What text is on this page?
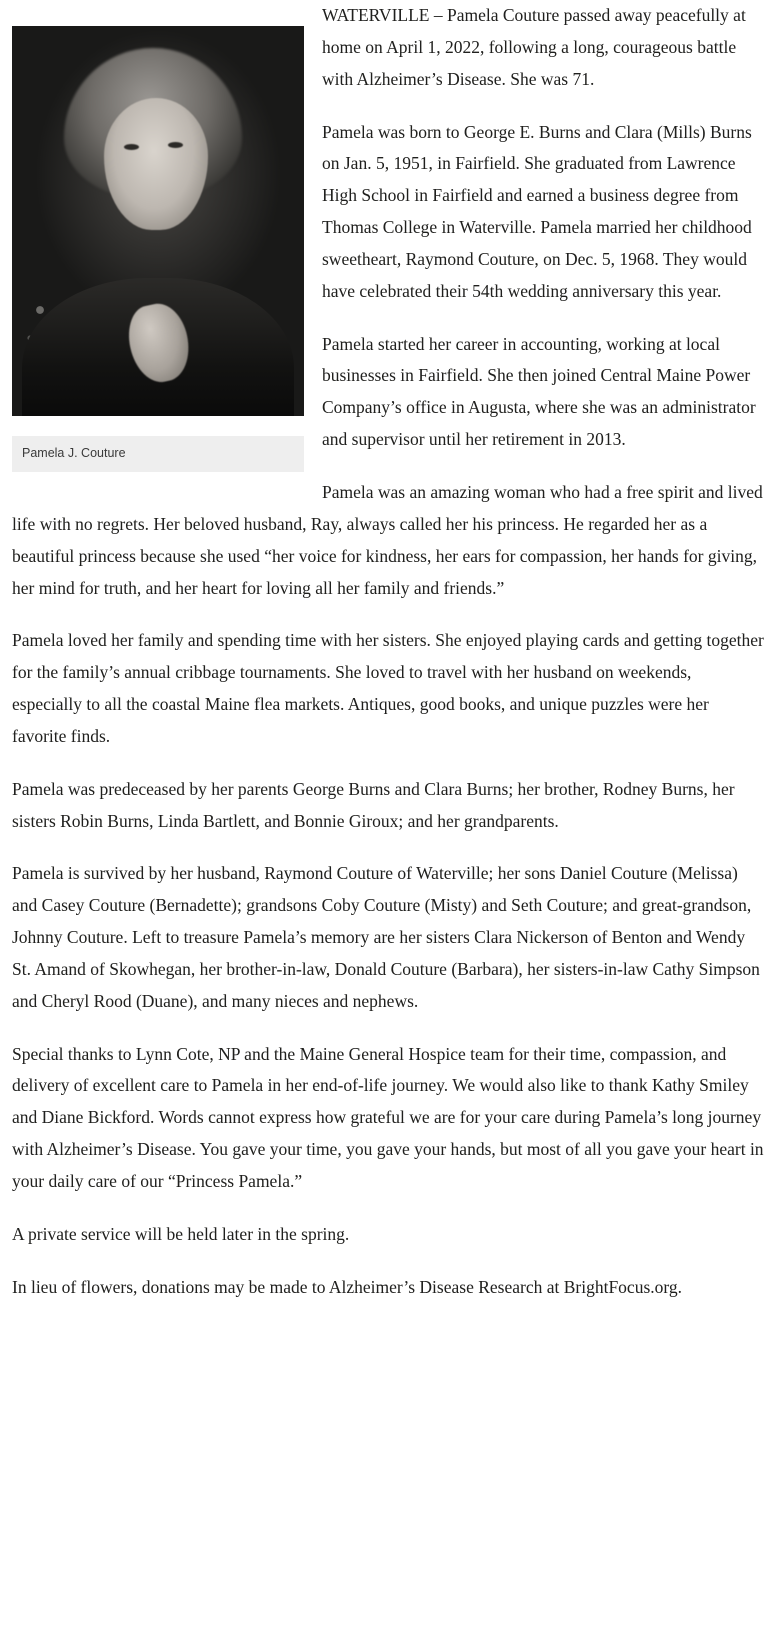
Pamela J. Couture

WATERVILLE – Pamela Couture passed away peacefully at home on April 1, 2022, following a long, courageous battle with Alzheimer’s Disease. She was 71.

Pamela was born to George E. Burns and Clara (Mills) Burns on Jan. 5, 1951, in Fairfield. She graduated from Lawrence High School in Fairfield and earned a business degree from Thomas College in Waterville. Pamela married her childhood sweetheart, Raymond Couture, on Dec. 5, 1968. They would have celebrated their 54th wedding anniversary this year.

Pamela started her career in accounting, working at local businesses in Fairfield. She then joined Central Maine Power Company’s office in Augusta, where she was an administrator and supervisor until her retirement in 2013.

Pamela was an amazing woman who had a free spirit and lived life with no regrets. Her beloved husband, Ray, always called her his princess. He regarded her as a beautiful princess because she used “her voice for kindness, her ears for compassion, her hands for giving, her mind for truth, and her heart for loving all her family and friends.”

Pamela loved her family and spending time with her sisters. She enjoyed playing cards and getting together for the family’s annual cribbage tournaments. She loved to travel with her husband on weekends, especially to all the coastal Maine flea markets. Antiques, good books, and unique puzzles were her favorite finds.

Pamela was predeceased by her parents George Burns and Clara Burns; her brother, Rodney Burns, her sisters Robin Burns, Linda Bartlett, and Bonnie Giroux; and her grandparents.

Pamela is survived by her husband, Raymond Couture of Waterville; her sons Daniel Couture (Melissa) and Casey Couture (Bernadette); grandsons Coby Couture (Misty) and Seth Couture; and great-grandson, Johnny Couture. Left to treasure Pamela’s memory are her sisters Clara Nickerson of Benton and Wendy St. Amand of Skowhegan, her brother-in-law, Donald Couture (Barbara), her sisters-in-law Cathy Simpson and Cheryl Rood (Duane), and many nieces and nephews.

Special thanks to Lynn Cote, NP and the Maine General Hospice team for their time, compassion, and delivery of excellent care to Pamela in her end-of-life journey. We would also like to thank Kathy Smiley and Diane Bickford. Words cannot express how grateful we are for your care during Pamela’s long journey with Alzheimer’s Disease. You gave your time, you gave your hands, but most of all you gave your heart in your daily care of our “Princess Pamela.”

A private service will be held later in the spring.

In lieu of flowers, donations may be made to Alzheimer’s Disease Research at BrightFocus.org.
